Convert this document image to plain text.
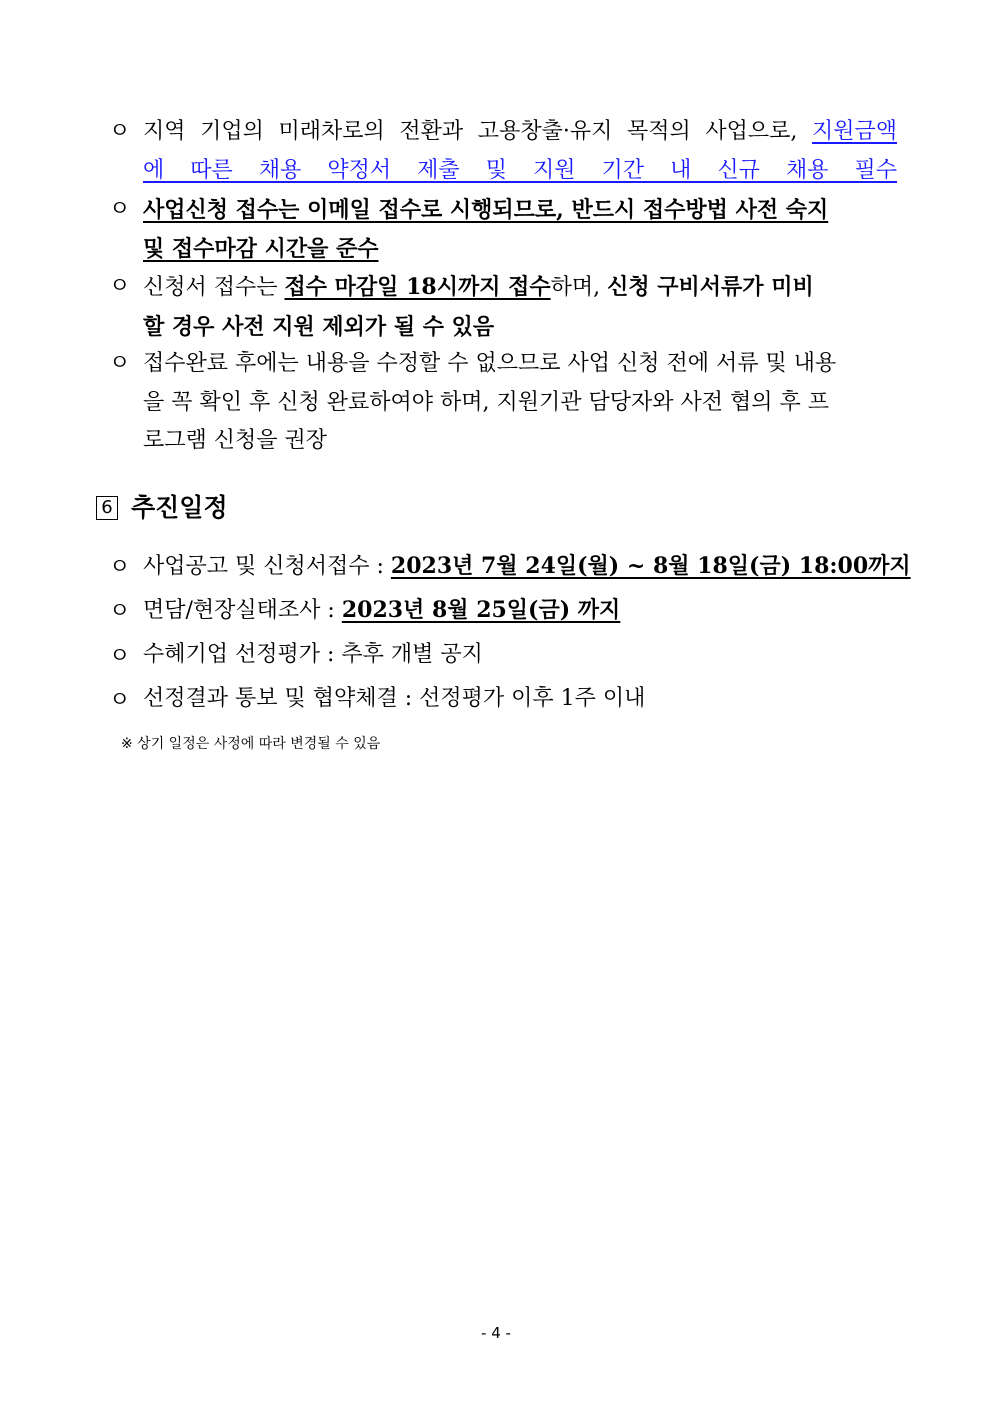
ㅇ 지역 기업의 미래차로의 전환과 고용창출·유지 목적의 사업으로, 지원금액
에 따른 채용 약정서 제출 및 지원 기간 내 신규 채용 필수
ㅇ 사업신청 접수는 이메일 접수로 시행되므로, 반드시 접수방법 사전 숙지
및 접수마감 시간을 준수
ㅇ 신청서 접수는 접수 마감일 18시까지 접수하며, 신청 구비서류가 미비
할 경우 사전 지원 제외가 될 수 있음
ㅇ 접수완료 후에는 내용을 수정할 수 없으므로 사업 신청 전에 서류 및 내용
을 꼭 확인 후 신청 완료하여야 하며, 지원기관 담당자와 사전 협의 후 프
로그램 신청을 권장
6 추진일정
ㅇ 사업공고 및 신청서접수 : 2023년 7월 24일(월) ~ 8월 18일(금) 18:00까지
ㅇ 면담/현장실태조사 : 2023년 8월 25일(금) 까지
ㅇ 수혜기업 선정평가 : 추후 개별 공지
ㅇ 선정결과 통보 및 협약체결 : 선정평가 이후 1주 이내
※ 상기 일정은 사정에 따라 변경될 수 있음
- 4 -
